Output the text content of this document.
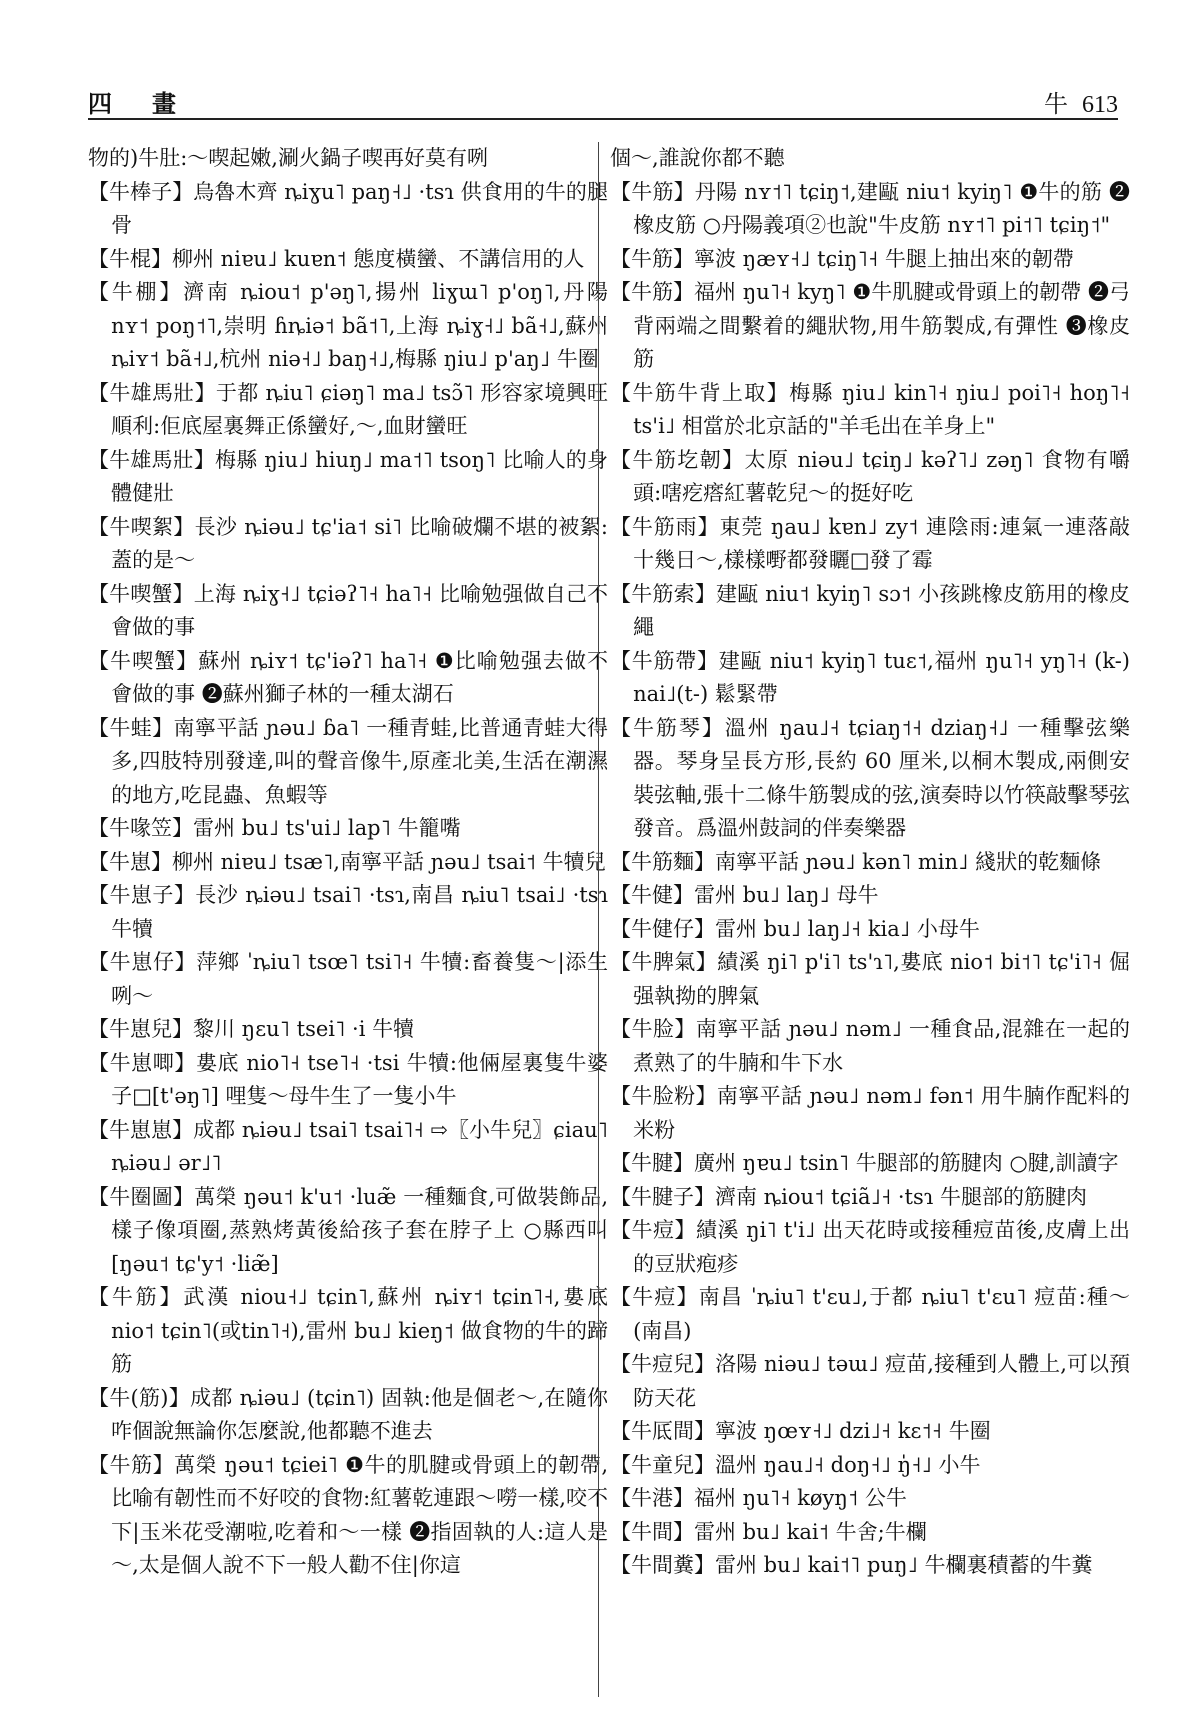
四　畫	牛 613

物的)牛肚:～喫起嫩,涮火鍋子喫再好莫有咧

【牛棒子】烏魯木齊 ȵiɣu˥ paŋ˧˩ ·tsɿ 供食用的牛的腿骨

【牛棍】柳州 niɐu˩ kuɐn˦ 態度橫蠻、不講信用的人

【牛棚】濟南 ȵiou˦ p'əŋ˥,揚州 liɣɯ˥ p'oŋ˥,丹陽 nʏ˦ poŋ˦˥,崇明 ɦȵiə˦ bã˦˥,上海 ȵiɣ˧˩ bã˧˩,蘇州 ȵiʏ˦ bã˧˩,杭州 niə˧˩ baŋ˧˩,梅縣 ŋiu˩ p'aŋ˩ 牛圈

【牛雄馬壯】于都 ȵiu˥ ɕiəŋ˥ ma˩ tsɔ̃˥ 形容家境興旺順利:佢底屋裏舞正係蠻好,～,血財蠻旺

【牛雄馬壯】梅縣 ŋiu˩ hiuŋ˩ ma˦˥ tsoŋ˥ 比喻人的身體健壯

【牛喫絮】長沙 ȵiəu˩ tɕ'ia˦ si˥ 比喻破爛不堪的被絮:蓋的是～

【牛喫蟹】上海 ȵiɣ˧˩ tɕiəʔ˥˧ ha˥˧ 比喻勉强做自己不會做的事

【牛喫蟹】蘇州 ȵiʏ˦ tɕ'iəʔ˥ ha˥˧ ❶比喻勉强去做不會做的事 ❷蘇州獅子林的一種太湖石

【牛蛙】南寧平話 ɲəu˩ ɓa˥ 一種青蛙,比普通青蛙大得多,四肢特別發達,叫的聲音像牛,原產北美,生活在潮濕的地方,吃昆蟲、魚蝦等

【牛喙笠】雷州 bu˩ ts'ui˩ lap˥ 牛籠嘴

【牛崽】柳州 niɐu˩ tsæ˥,南寧平話 ɲəu˩ tsai˦ 牛犢兒

【牛崽子】長沙 ȵiəu˩ tsai˥ ·tsɿ,南昌 ȵiu˥ tsai˩ ·tsɿ 牛犢

【牛崽仔】萍鄉 ˈȵiu˥ tsœ˥ tsi˥˧ 牛犢:畜養隻～|添生咧～

【牛崽兒】黎川 ŋɛu˥ tsei˥ ·i 牛犢

【牛崽唧】婁底 nio˥˧ tse˥˧ ·tsi 牛犢:他倆屋裏隻牛婆子□[t'əŋ˥] 哩隻～母牛生了一隻小牛

【牛崽崽】成都 ȵiəu˩ tsai˥ tsai˥˧ ⇨〖小牛兒〗ɕiau˥ ȵiəu˩ ər˩˥

【牛圈圖】萬榮 ŋəu˦ k'u˦ ·luæ̃ 一種麵食,可做裝飾品,樣子像項圈,蒸熟烤黃後給孩子套在脖子上 ○縣西叫[ŋəu˦ tɕ'y˦ ·liæ̃]

【牛筋】武漢 niou˧˩ tɕin˥,蘇州 ȵiʏ˦ tɕin˥˧,婁底 nio˦ tɕin˥(或tin˥˧),雷州 bu˩ kieŋ˦ 做食物的牛的蹄筋

【牛(筋)】成都 ȵiəu˩ (tɕin˥) 固執:他是個老～,在隨你咋個說無論你怎麼說,他都聽不進去

【牛筋】萬榮 ŋəu˦ tɕiei˥ ❶牛的肌腱或骨頭上的韌帶,比喻有韌性而不好咬的食物:紅薯乾連跟～嘮一樣,咬不下|玉米花受潮啦,吃着和～一樣 ❷指固執的人:這人是～,太是個人說不下一般人勸不住|你這

個～,誰說你都不聽

【牛筋】丹陽 nʏ˦˥ tɕiŋ˦,建甌 niu˦ kyiŋ˥ ❶牛的筋 ❷橡皮筋 ○丹陽義項②也說"牛皮筋 nʏ˦˥ pi˦˥ tɕiŋ˦"

【牛筋】寧波 ŋæʏ˧˩ tɕiŋ˥˧ 牛腿上抽出來的韌帶

【牛筋】福州 ŋu˥˧ kyŋ˥ ❶牛肌腱或骨頭上的韌帶 ❷弓背兩端之間繫着的繩狀物,用牛筋製成,有彈性 ❸橡皮筋

【牛筋牛背上取】梅縣 ŋiu˩ kin˥˧ ŋiu˩ poi˥˧ hoŋ˥˧ ts'i˩ 相當於北京話的"羊毛出在羊身上"

【牛筋圪韌】太原 niəu˩ tɕiŋ˩ kəʔ˥˩ zəŋ˥ 食物有嚼頭:嗐疙瘩紅薯乾兒～的挺好吃

【牛筋雨】東莞 ŋau˩ kɐn˩ zy˦ 連陰雨:連氣一連落敲十幾日～,樣樣嘢都發矖□發了霉

【牛筋索】建甌 niu˦ kyiŋ˥ sɔ˦ 小孩跳橡皮筋用的橡皮繩

【牛筋帶】建甌 niu˦ kyiŋ˥ tuɛ˦,福州 ŋu˥˧ yŋ˥˧ (k-) nai˩(t-) 鬆緊帶

【牛筋琴】溫州 ŋau˩˧ tɕiaŋ˦˧ dziaŋ˧˩ 一種擊弦樂器。琴身呈長方形,長約 60 厘米,以桐木製成,兩側安裝弦軸,張十二條牛筋製成的弦,演奏時以竹筷敲擊琴弦發音。爲溫州鼓詞的伴奏樂器

【牛筋麵】南寧平話 ɲəu˩ kən˥ min˩ 綫狀的乾麵條

【牛健】雷州 bu˩ laŋ˩ 母牛

【牛健仔】雷州 bu˩ laŋ˩˧ kia˩ 小母牛

【牛脾氣】績溪 ŋi˥ p'i˥ ts'ɿ˥,婁底 nio˦ bi˦˥ tɕ'i˥˧ 倔强執拗的脾氣

【牛脸】南寧平話 ɲəu˩ nəm˩ 一種食品,混雜在一起的煮熟了的牛腩和牛下水

【牛脸粉】南寧平話 ɲəu˩ nəm˩ fən˦ 用牛腩作配料的米粉

【牛腱】廣州 ŋɐu˩ tsin˥ 牛腿部的筋腱肉 ○腱,訓讀字

【牛腱子】濟南 ȵiou˦ tɕiã˩˧ ·tsɿ 牛腿部的筋腱肉

【牛痘】績溪 ŋi˥ t'i˩ 出天花時或接種痘苗後,皮膚上出的豆狀疱疹

【牛痘】南昌 ˈȵiu˥ t'ɛu˩,于都 ȵiu˥ t'ɛu˥ 痘苗:種～(南昌)

【牛痘兒】洛陽 niəu˩ təɯ˩ 痘苗,接種到人體上,可以預防天花

【牛厎間】寧波 ŋœʏ˧˩ dzi˩˧ kɛ˦˧ 牛圈

【牛童兒】溫州 ŋau˩˧ doŋ˧˩ ŋ̍˧˩ 小牛

【牛港】福州 ŋu˥˧ køyŋ˦ 公牛

【牛間】雷州 bu˩ kai˦ 牛舍;牛欄

【牛間糞】雷州 bu˩ kai˦˥ puŋ˩ 牛欄裏積蓄的牛糞
